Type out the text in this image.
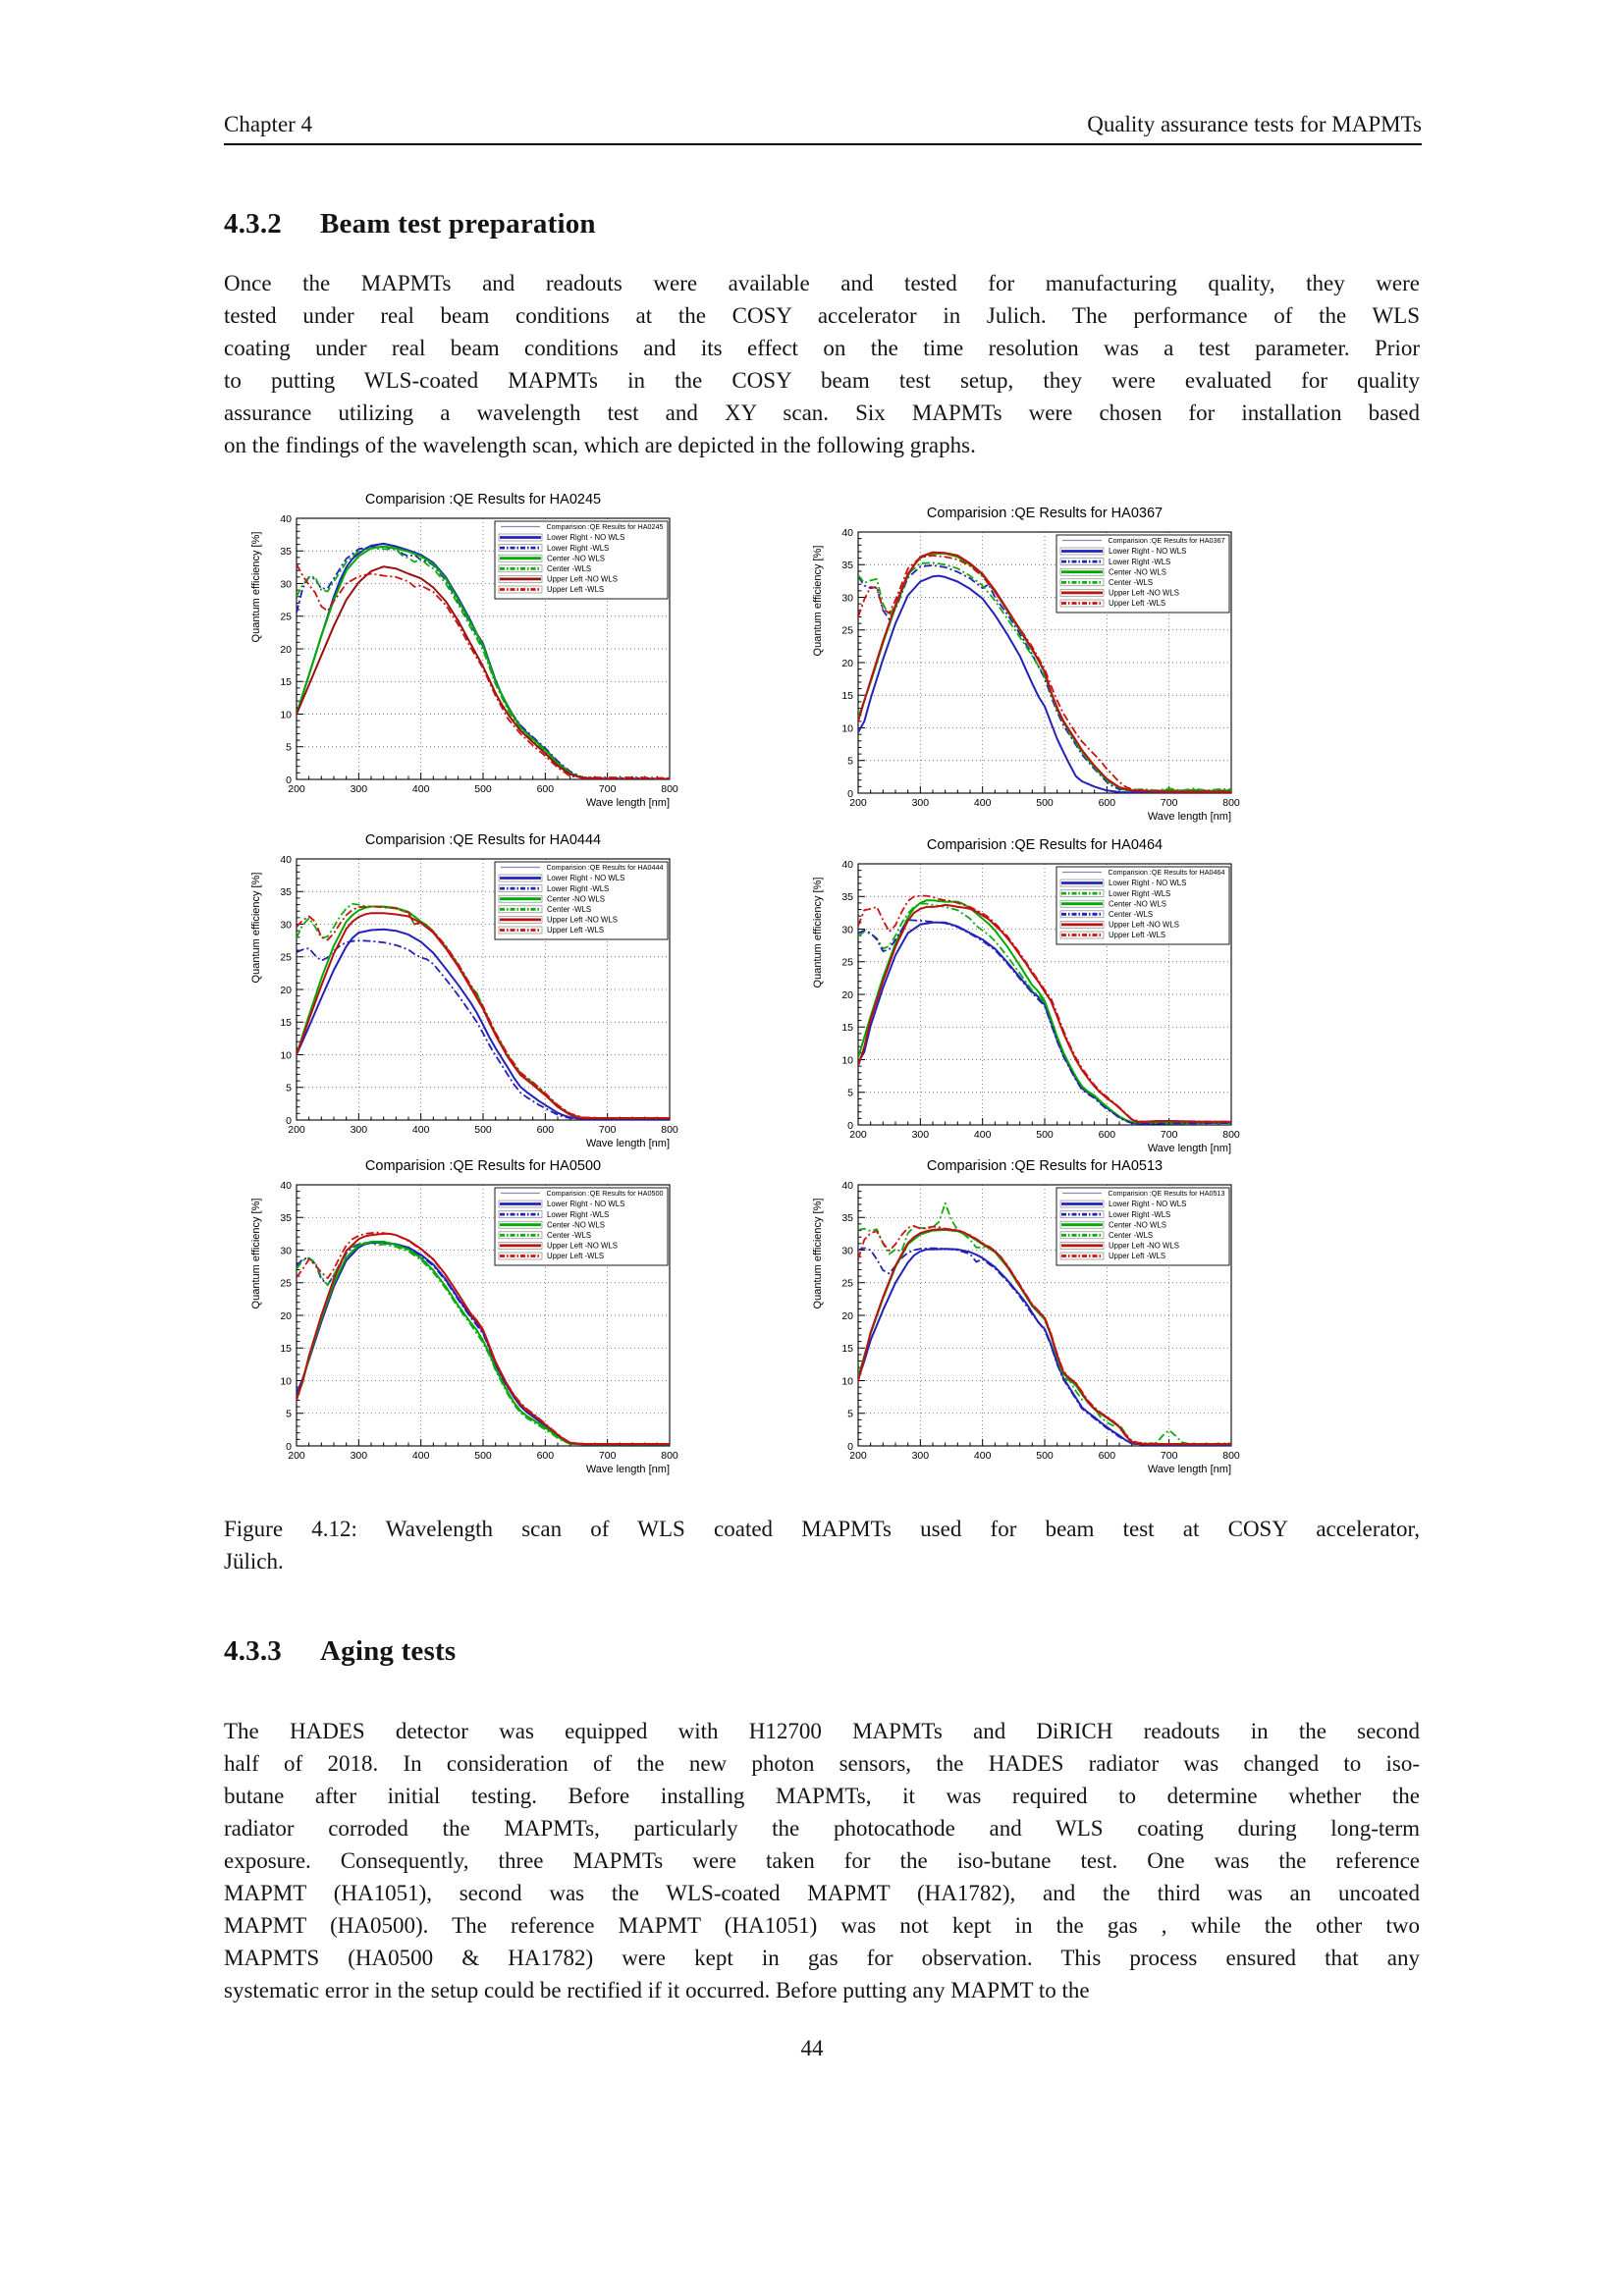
Chapter 4	Quality assurance tests for MAPMTs
4.3.2 Beam test preparation
Once the MAPMTs and readouts were available and tested for manufacturing quality, they were
tested under real beam conditions at the COSY accelerator in Julich. The performance of the WLS
coating under real beam conditions and its effect on the time resolution was a test parameter. Prior
to putting WLS-coated MAPMTs in the COSY beam test setup, they were evaluated for quality
assurance utilizing a wavelength test and XY scan. Six MAPMTs were chosen for installation based
on the findings of the wavelength scan, which are depicted in the following graphs.
Comparision :QE Results for HA0245
0
5
10
15
20
25
30
35
40
200	300	400	500	600	700	800
Quantum efficiency [%]
Wave length [nm]
Comparision :QE Results for HA0245
Lower Right - NO WLS
Lower Right -WLS
Center -NO WLS
Center -WLS
Upper Left -NO WLS
Upper Left -WLS
Comparision :QE Results for HA0367
0
5
10
15
20
25
30
35
40
200	300	400	500	600	700	800
Quantum efficiency [%]
Wave length [nm]
Comparision :QE Results for HA0367
Lower Right - NO WLS
Lower Right -WLS
Center -NO WLS
Center -WLS
Upper Left -NO WLS
Upper Left -WLS
Comparision :QE Results for HA0444
0
5
10
15
20
25
30
35
40
200	300	400	500	600	700	800
Quantum efficiency [%]
Wave length [nm]
Comparision :QE Results for HA0444
Lower Right - NO WLS
Lower Right -WLS
Center -NO WLS
Center -WLS
Upper Left -NO WLS
Upper Left -WLS
Comparision :QE Results for HA0464
0
5
10
15
20
25
30
35
40
200	300	400	500	600	700	800
Quantum efficiency [%]
Wave length [nm]
Comparision :QE Results for HA0464
Lower Right - NO WLS
Lower Right -WLS
Center -NO WLS
Center -WLS
Upper Left -NO WLS
Upper Left -WLS
Comparision :QE Results for HA0500
0
5
10
15
20
25
30
35
40
200	300	400	500	600	700	800
Quantum efficiency [%]
Wave length [nm]
Comparision :QE Results for HA0500
Lower Right - NO WLS
Lower Right -WLS
Center -NO WLS
Center -WLS
Upper Left -NO WLS
Upper Left -WLS
Comparision :QE Results for HA0513
0
5
10
15
20
25
30
35
40
200	300	400	500	600	700	800
Quantum efficiency [%]
Wave length [nm]
Comparision :QE Results for HA0513
Lower Right - NO WLS
Lower Right -WLS
Center -NO WLS
Center -WLS
Upper Left -NO WLS
Upper Left -WLS
Figure 4.12: Wavelength scan of WLS coated MAPMTs used for beam test at COSY accelerator,
Jülich.
4.3.3 Aging tests
The HADES detector was equipped with H12700 MAPMTs and DiRICH readouts in the second
half of 2018. In consideration of the new photon sensors, the HADES radiator was changed to iso-
butane after initial testing. Before installing MAPMTs, it was required to determine whether the
radiator corroded the MAPMTs, particularly the photocathode and WLS coating during long-term
exposure. Consequently, three MAPMTs were taken for the iso-butane test. One was the reference
MAPMT (HA1051), second was the WLS-coated MAPMT (HA1782), and the third was an uncoated
MAPMT (HA0500). The reference MAPMT (HA1051) was not kept in the gas , while the other two
MAPMTS (HA0500 & HA1782) were kept in gas for observation. This process ensured that any
systematic error in the setup could be rectified if it occurred. Before putting any MAPMT to the
44
